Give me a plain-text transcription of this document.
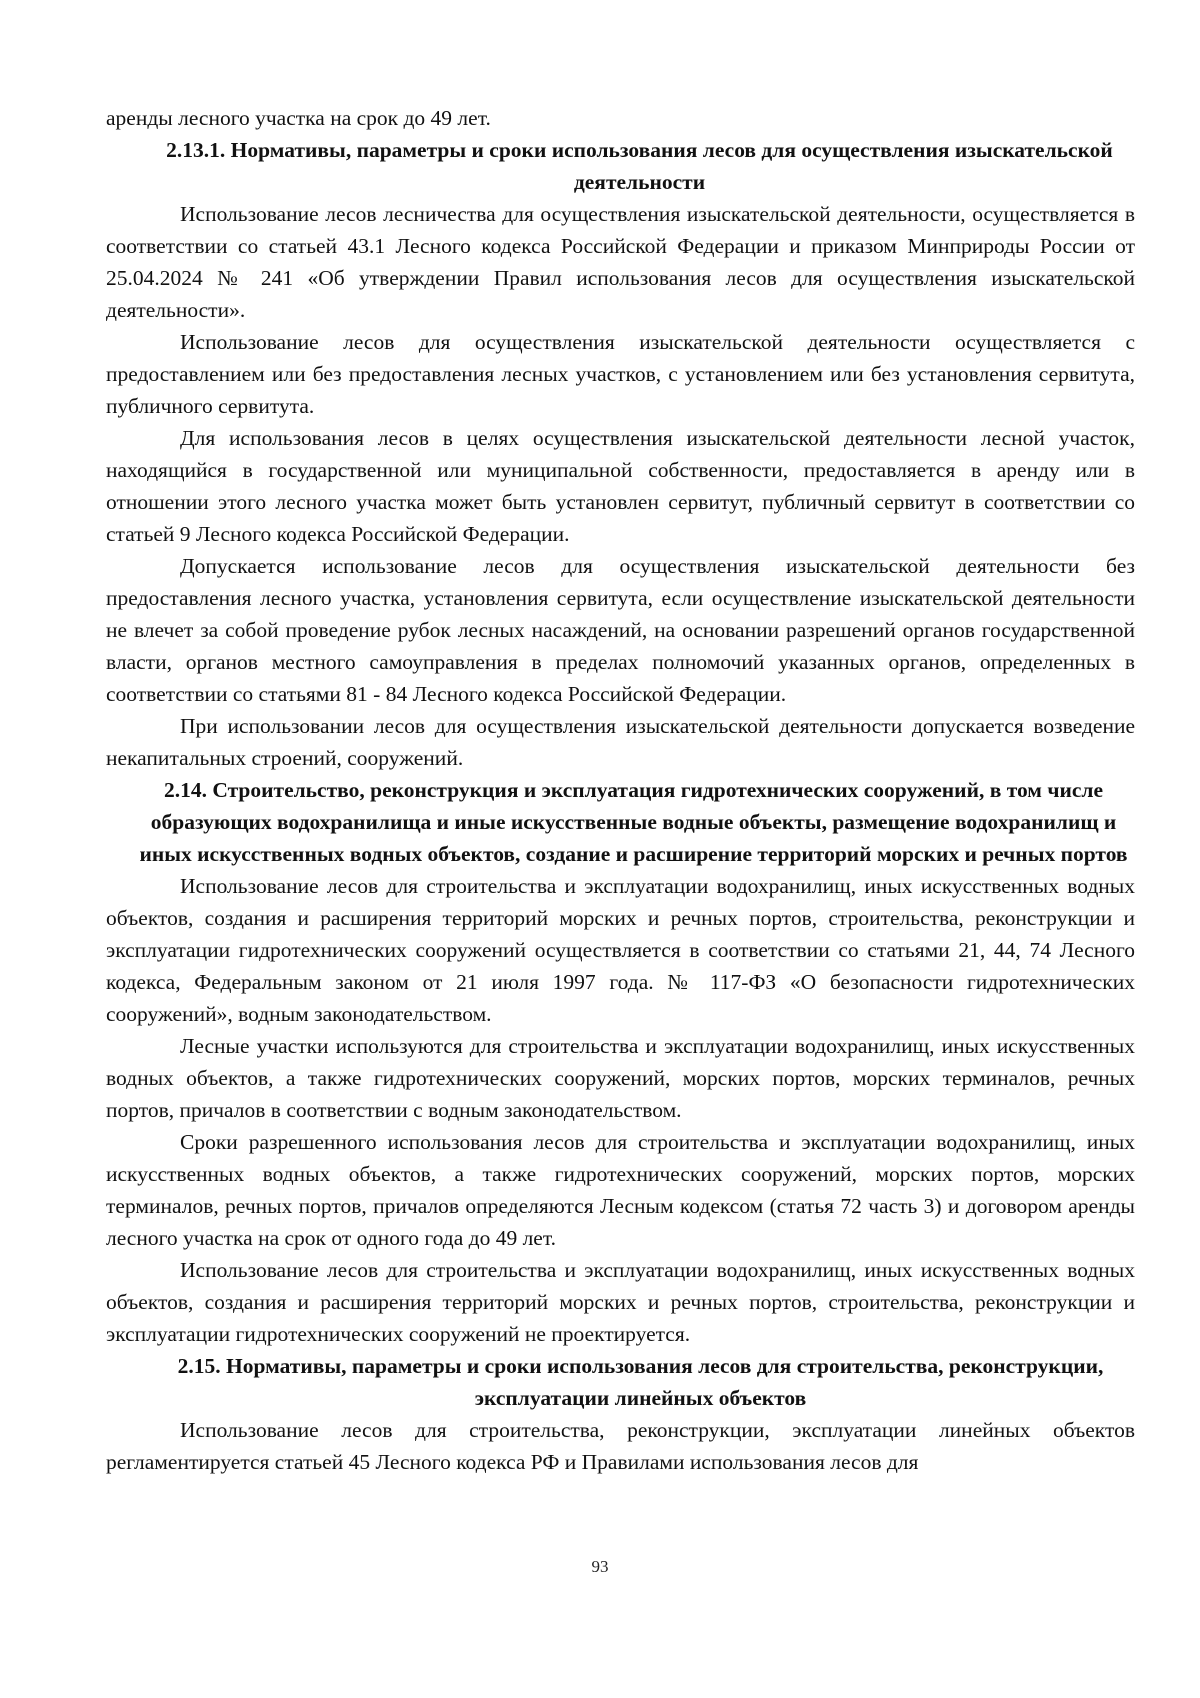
аренды лесного участка на срок до 49 лет.

2.13.1. Нормативы, параметры и сроки использования лесов для осуществления изыскательской деятельности

Использование лесов лесничества для осуществления изыскательской деятельности, осуществляется в соответствии со статьей 43.1 Лесного кодекса Российской Федерации и приказом Минприроды России от 25.04.2024 № 241 «Об утверждении Правил использования лесов для осуществления изыскательской деятельности».

Использование лесов для осуществления изыскательской деятельности осуществляется с предоставлением или без предоставления лесных участков, с установлением или без установления сервитута, публичного сервитута.

Для использования лесов в целях осуществления изыскательской деятельности лесной участок, находящийся в государственной или муниципальной собственности, предоставляется в аренду или в отношении этого лесного участка может быть установлен сервитут, публичный сервитут в соответствии со статьей 9 Лесного кодекса Российской Федерации.

Допускается использование лесов для осуществления изыскательской деятельности без предоставления лесного участка, установления сервитута, если осуществление изыскательской деятельности не влечет за собой проведение рубок лесных насаждений, на основании разрешений органов государственной власти, органов местного самоуправления в пределах полномочий указанных органов, определенных в соответствии со статьями 81 - 84 Лесного кодекса Российской Федерации.

При использовании лесов для осуществления изыскательской деятельности допускается возведение некапитальных строений, сооружений.

2.14. Строительство, реконструкция и эксплуатация гидротехнических сооружений, в том числе образующих водохранилища и иные искусственные водные объекты, размещение водохранилищ и иных искусственных водных объектов, создание и расширение территорий морских и речных портов

Использование лесов для строительства и эксплуатации водохранилищ, иных искусственных водных объектов, создания и расширения территорий морских и речных портов, строительства, реконструкции и эксплуатации гидротехнических сооружений осуществляется в соответствии со статьями 21, 44, 74 Лесного кодекса, Федеральным законом от 21 июля 1997 года. № 117-ФЗ «О безопасности гидротехнических сооружений», водным законодательством.

Лесные участки используются для строительства и эксплуатации водохранилищ, иных искусственных водных объектов, а также гидротехнических сооружений, морских портов, морских терминалов, речных портов, причалов в соответствии с водным законодательством.

Сроки разрешенного использования лесов для строительства и эксплуатации водохранилищ, иных искусственных водных объектов, а также гидротехнических сооружений, морских портов, морских терминалов, речных портов, причалов определяются Лесным кодексом (статья 72 часть 3) и договором аренды лесного участка на срок от одного года до 49 лет.

Использование лесов для строительства и эксплуатации водохранилищ, иных искусственных водных объектов, создания и расширения территорий морских и речных портов, строительства, реконструкции и эксплуатации гидротехнических сооружений не проектируется.

2.15. Нормативы, параметры и сроки использования лесов для строительства, реконструкции, эксплуатации линейных объектов

Использование лесов для строительства, реконструкции, эксплуатации линейных объектов регламентируется статьей 45 Лесного кодекса РФ и Правилами использования лесов для

93
